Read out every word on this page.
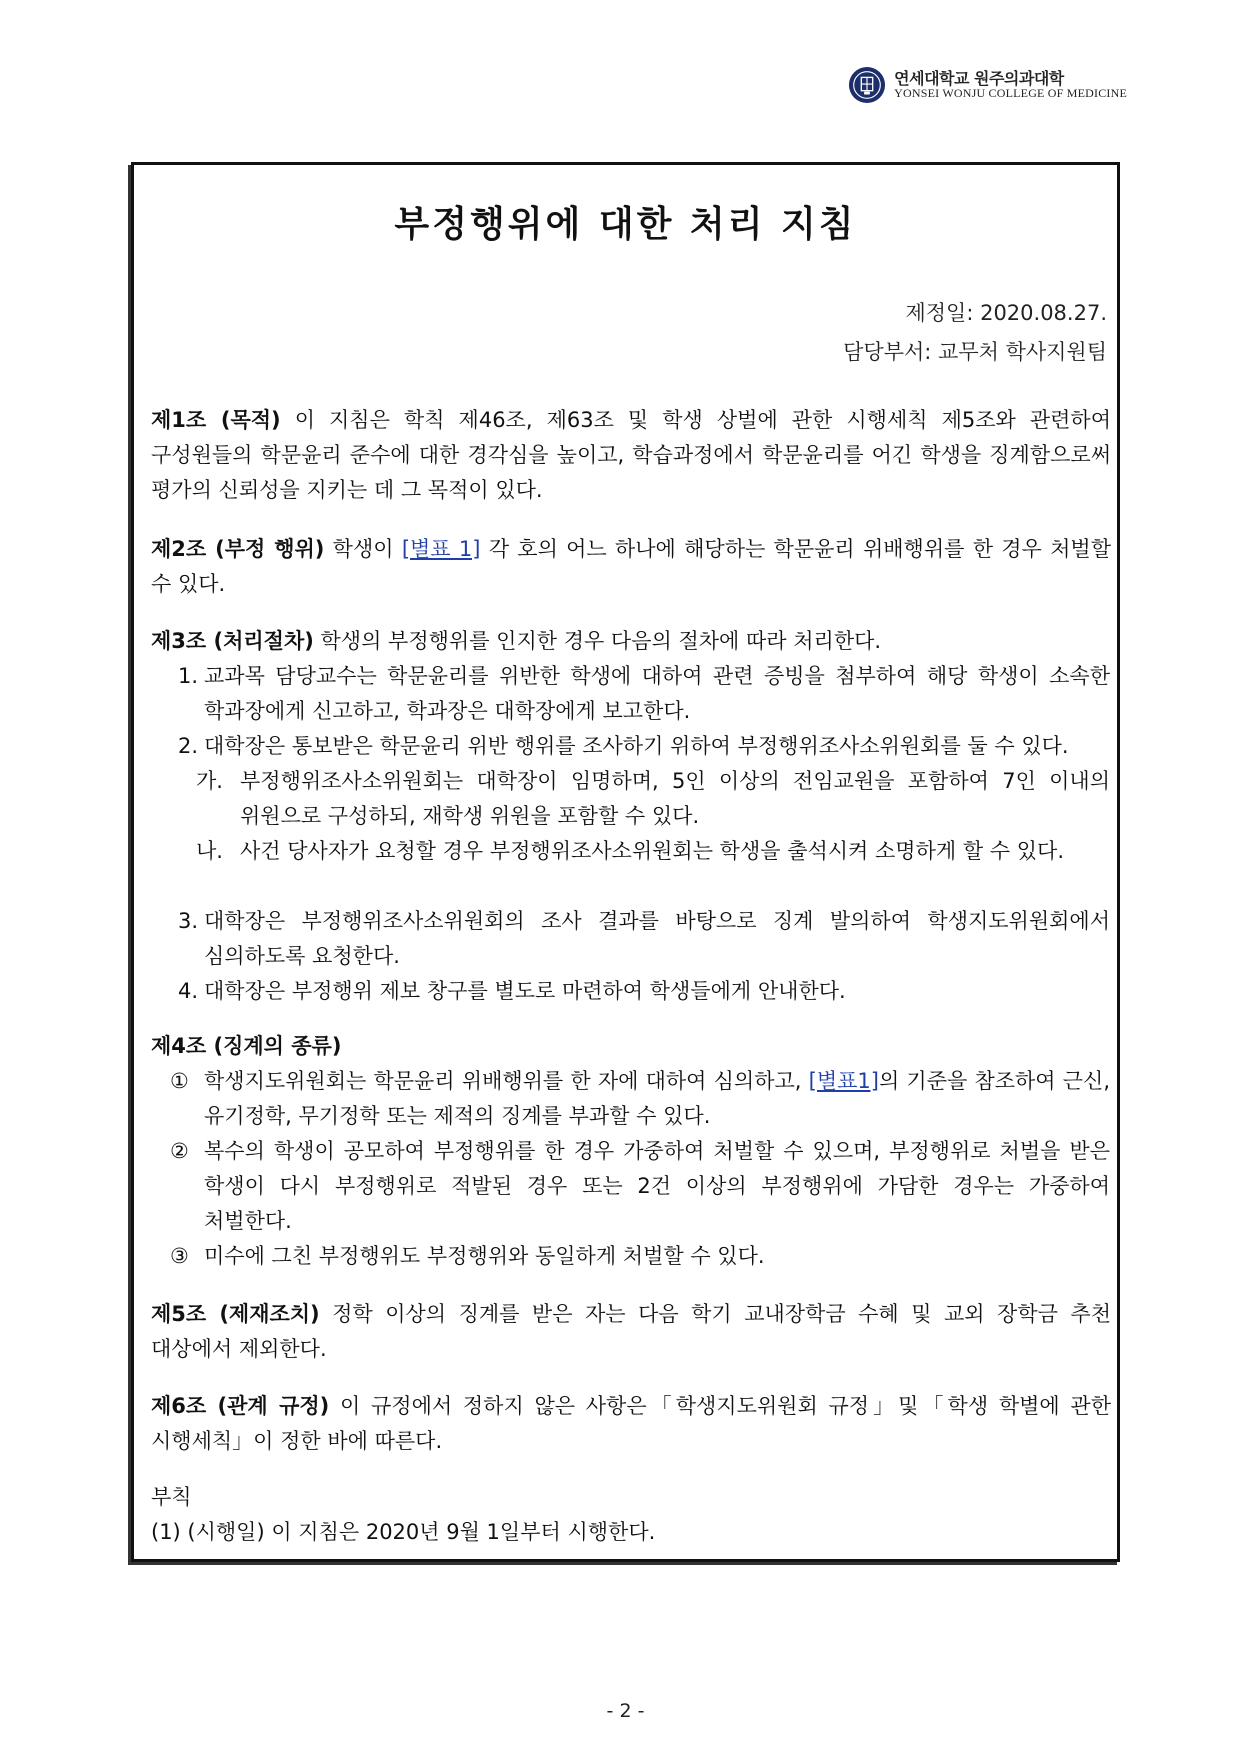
연세대학교 원주의과대학
YONSEI WONJU COLLEGE OF MEDICINE
부정행위에 대한 처리 지침
제정일: 2020.08.27.
담당부서: 교무처 학사지원팀
제1조 (목적) 이 지침은 학칙 제46조, 제63조 및 학생 상벌에 관한 시행세칙 제5조와 관련하여 구성원들의 학문윤리 준수에 대한 경각심을 높이고, 학습과정에서 학문윤리를 어긴 학생을 징계함으로써 평가의 신뢰성을 지키는 데 그 목적이 있다.
제2조 (부정 행위) 학생이 [별표 1] 각 호의 어느 하나에 해당하는 학문윤리 위배행위를 한 경우 처벌할 수 있다.
제3조 (처리절차) 학생의 부정행위를 인지한 경우 다음의 절차에 따라 처리한다.
1. 교과목 담당교수는 학문윤리를 위반한 학생에 대하여 관련 증빙을 첨부하여 해당 학생이 소속한 학과장에게 신고하고, 학과장은 대학장에게 보고한다.
2. 대학장은 통보받은 학문윤리 위반 행위를 조사하기 위하여 부정행위조사소위원회를 둘 수 있다.
가. 부정행위조사소위원회는 대학장이 임명하며, 5인 이상의 전임교원을 포함하여 7인 이내의 위원으로 구성하되, 재학생 위원을 포함할 수 있다.
나. 사건 당사자가 요청할 경우 부정행위조사소위원회는 학생을 출석시켜 소명하게 할 수 있다.
3. 대학장은 부정행위조사소위원회의 조사 결과를 바탕으로 징계 발의하여 학생지도위원회에서 심의하도록 요청한다.
4. 대학장은 부정행위 제보 창구를 별도로 마련하여 학생들에게 안내한다.
제4조 (징계의 종류)
① 학생지도위원회는 학문윤리 위배행위를 한 자에 대하여 심의하고, [별표1]의 기준을 참조하여 근신, 유기정학, 무기정학 또는 제적의 징계를 부과할 수 있다.
② 복수의 학생이 공모하여 부정행위를 한 경우 가중하여 처벌할 수 있으며, 부정행위로 처벌을 받은 학생이 다시 부정행위로 적발된 경우 또는 2건 이상의 부정행위에 가담한 경우는 가중하여 처벌한다.
③ 미수에 그친 부정행위도 부정행위와 동일하게 처벌할 수 있다.
제5조 (제재조치) 정학 이상의 징계를 받은 자는 다음 학기 교내장학금 수혜 및 교외 장학금 추천 대상에서 제외한다.
제6조 (관계 규정) 이 규정에서 정하지 않은 사항은「학생지도위원회 규정」및「학생 학별에 관한 시행세칙」이 정한 바에 따른다.
부칙
(1) (시행일) 이 지침은 2020년 9월 1일부터 시행한다.
- 2 -
